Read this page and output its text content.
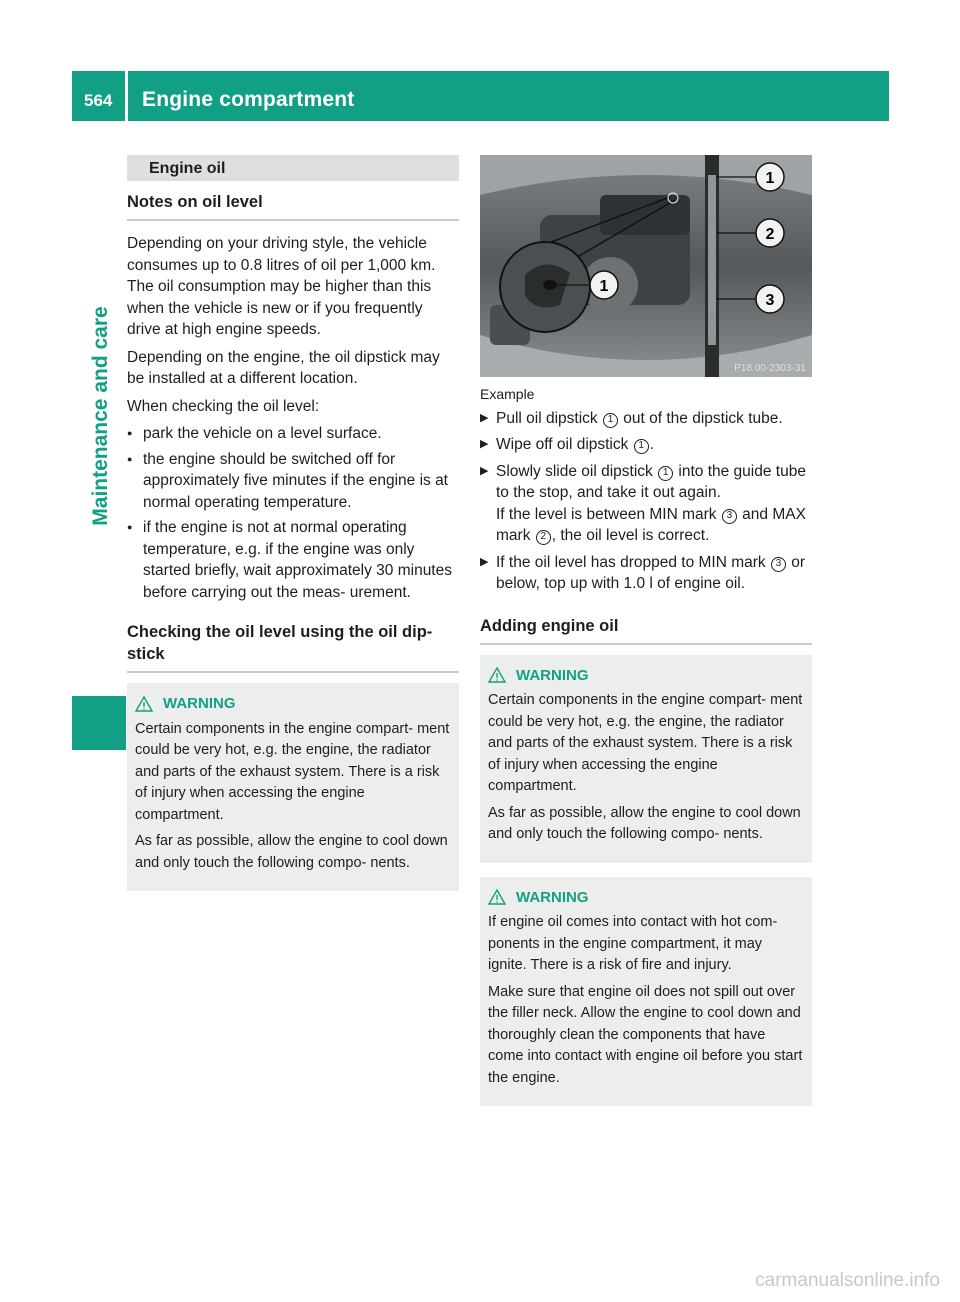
564 Engine compartment
Maintenance and care
Engine oil
Notes on oil level

Depending on your driving style, the vehicle consumes up to 0.8 litres of oil per 1,000 km. The oil consumption may be higher than this when the vehicle is new or if you frequently drive at high engine speeds.

Depending on the engine, the oil dipstick may be installed at a different location.

When checking the oil level:

● park the vehicle on a level surface.
● the engine should be switched off for approximately five minutes if the engine is at normal operating temperature.
● if the engine is not at normal operating temperature, e.g. if the engine was only started briefly, wait approximately 30 minutes before carrying out the meas- urement.
Checking the oil level using the oil dip- stick
WARNING

Certain components in the engine compart- ment could be very hot, e.g. the engine, the radiator and parts of the exhaust system. There is a risk of injury when accessing the engine compartment.

As far as possible, allow the engine to cool down and only touch the following compo- nents.

1
2
3
1
P18.00-2303-31
Example
▶ Pull oil dipstick 1 out of the dipstick tube.
▶ Wipe off oil dipstick 1 .
▶ Slowly slide oil dipstick 1 into the guide tube to the stop, and take it out again.
If the level is between MIN mark 3 and MAX mark 2 , the oil level is correct.
▶ If the oil level has dropped to MIN mark 3 or below, top up with 1.0 l of engine oil.
Adding engine oil
WARNING

Certain components in the engine compart- ment could be very hot, e.g. the engine, the radiator and parts of the exhaust system. There is a risk of injury when accessing the engine compartment.

As far as possible, allow the engine to cool down and only touch the following compo- nents.

WARNING

If engine oil comes into contact with hot com- ponents in the engine compartment, it may ignite. There is a risk of fire and injury.

Make sure that engine oil does not spill out over the filler neck. Allow the engine to cool down and thoroughly clean the components that have come into contact with engine oil before you start the engine.

carmanualsonline.info
